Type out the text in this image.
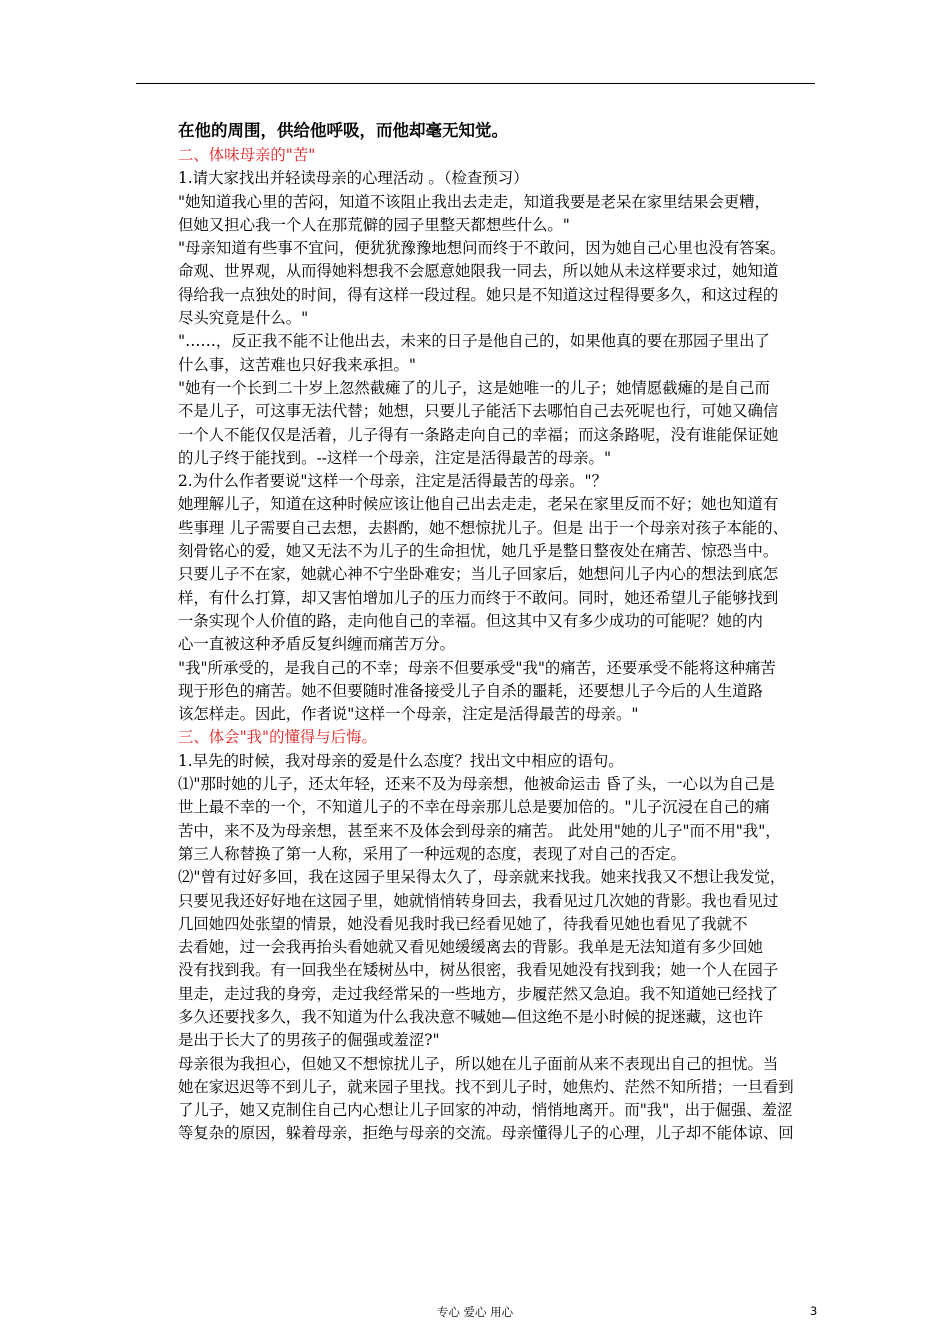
在他的周围，供给他呼吸，而他却毫无知觉。

二、体味母亲的"苦"

1.请大家找出并轻读母亲的心理活动 。（检查预习）

"她知道我心里的苦闷，知道不该阻止我出去走走，知道我要是老呆在家里结果会更糟，

但她又担心我一个人在那荒僻的园子里整天都想些什么。"

"母亲知道有些事不宜问，便犹犹豫豫地想问而终于不敢问，因为她自己心里也没有答案。

命观、世界观，从而得她料想我不会愿意她限我一同去，所以她从未这样要求过，她知道

得给我一点独处的时间，得有这样一段过程。她只是不知道这过程得要多久，和这过程的

尽头究竟是什么。"

"……，反正我不能不让他出去，未来的日子是他自己的，如果他真的要在那园子里出了

什么事，这苦难也只好我来承担。"

"她有一个长到二十岁上忽然截瘫了的儿子，这是她唯一的儿子；她情愿截瘫的是自己而

不是儿子，可这事无法代替；她想，只要儿子能活下去哪怕自己去死呢也行，可她又确信

一个人不能仅仅是活着，儿子得有一条路走向自己的幸福；而这条路呢，没有谁能保证她

的儿子终于能找到。--这样一个母亲，注定是活得最苦的母亲。"

2.为什么作者要说"这样一个母亲，注定是活得最苦的母亲。"？

她理解儿子，知道在这种时候应该让他自己出去走走，老呆在家里反而不好；她也知道有

些事理 儿子需要自己去想，去斟酌，她不想惊扰儿子。但是 出于一个母亲对孩子本能的、

刻骨铭心的爱，她又无法不为儿子的生命担忧，她几乎是整日整夜处在痛苦、惊恐当中。

只要儿子不在家，她就心神不宁坐卧难安；当儿子回家后，她想问儿子内心的想法到底怎

样，有什么打算，却又害怕增加儿子的压力而终于不敢问。同时，她还希望儿子能够找到

一条实现个人价值的路，走向他自己的幸福。但这其中又有多少成功的可能呢？她的内

心一直被这种矛盾反复纠缠而痛苦万分。

"我"所承受的，是我自己的不幸；母亲不但要承受"我"的痛苦，还要承受不能将这种痛苦

现于形色的痛苦。她不但要随时准备接受儿子自杀的噩耗，还要想儿子今后的人生道路

该怎样走。因此，作者说"这样一个母亲，注定是活得最苦的母亲。"

三、体会"我"的懂得与后悔。

1.早先的时候，我对母亲的爱是什么态度？找出文中相应的语句。

⑴"那时她的儿子，还太年轻，还来不及为母亲想，他被命运击 昏了头，一心以为自己是

世上最不幸的一个，不知道儿子的不幸在母亲那儿总是要加倍的。"儿子沉浸在自己的痛

苦中，来不及为母亲想，甚至来不及体会到母亲的痛苦。 此处用"她的儿子"而不用"我"，

第三人称替换了第一人称，采用了一种远观的态度，表现了对自己的否定。

⑵"曾有过好多回，我在这园子里呆得太久了，母亲就来找我。她来找我又不想让我发觉，

只要见我还好好地在这园子里，她就悄悄转身回去，我看见过几次她的背影。我也看见过

几回她四处张望的情景，她没看见我时我已经看见她了，待我看见她也看见了我就不

去看她，过一会我再抬头看她就又看见她缓缓离去的背影。我单是无法知道有多少回她

没有找到我。有一回我坐在矮树丛中，树丛很密，我看见她没有找到我；她一个人在园子

里走，走过我的身旁，走过我经常呆的一些地方，步履茫然又急迫。我不知道她已经找了

多久还要找多久，我不知道为什么我决意不喊她—但这绝不是小时候的捉迷藏，这也许

是出于长大了的男孩子的倔强或羞涩?"

母亲很为我担心，但她又不想惊扰儿子，所以她在儿子面前从来不表现出自己的担忧。当

她在家迟迟等不到儿子，就来园子里找。找不到儿子时，她焦灼、茫然不知所措；一旦看到

了儿子，她又克制住自己内心想让儿子回家的冲动，悄悄地离开。而"我"，出于倔强、羞涩

等复杂的原因，躲着母亲，拒绝与母亲的交流。母亲懂得儿子的心理，儿子却不能体谅、回

专心 爱心 用心	3
